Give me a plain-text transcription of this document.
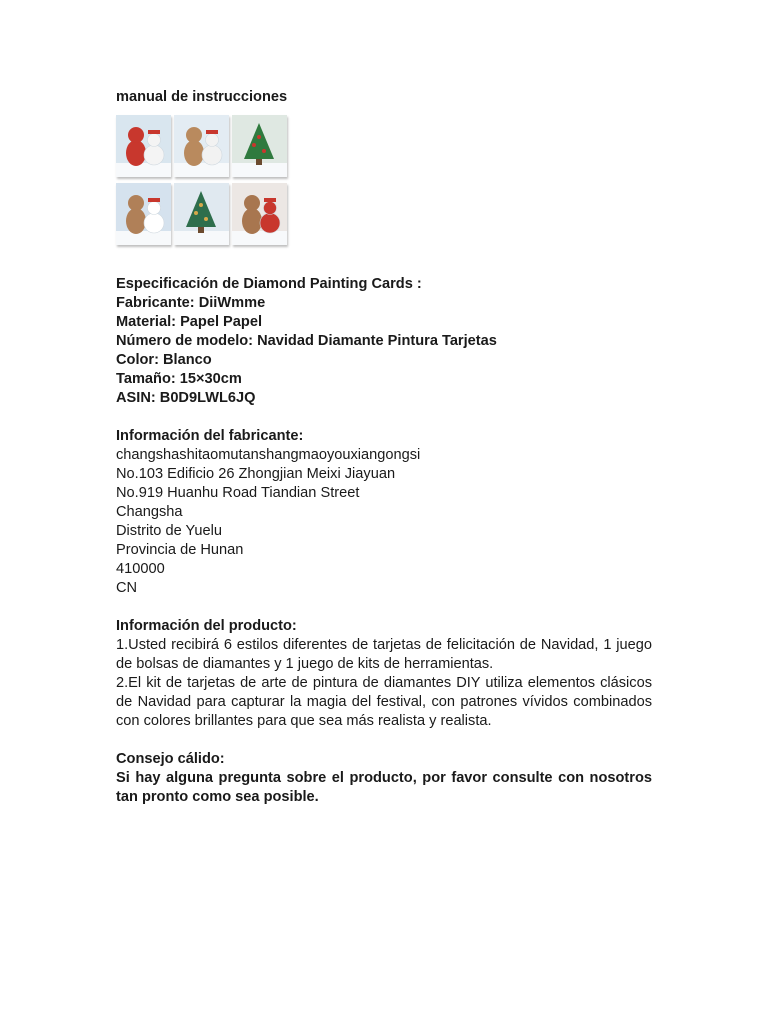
manual de instrucciones
Especificación de Diamond Painting Cards :
Fabricante: DiiWmme
Material: Papel Papel
Número de modelo: Navidad Diamante Pintura Tarjetas
Color: Blanco
Tamaño: 15×30cm
ASIN: B0D9LWL6JQ
Información del fabricante:
changshashitaomutanshangmaoyouxiangongsi
No.103 Edificio 26 Zhongjian Meixi Jiayuan
No.919 Huanhu Road Tiandian Street
Changsha
Distrito de Yuelu
Provincia de Hunan
410000
CN
Información del producto:

1.Usted recibirá 6 estilos diferentes de tarjetas de felicitación de Navidad, 1 juego de bolsas de diamantes y 1 juego de kits de herramientas.

2.El kit de tarjetas de arte de pintura de diamantes DIY utiliza elementos clásicos de Navidad para capturar la magia del festival, con patrones vívidos combinados con colores brillantes para que sea más realista y realista.

Consejo cálido:

Si hay alguna pregunta sobre el producto, por favor consulte con nosotros tan pronto como sea posible.
